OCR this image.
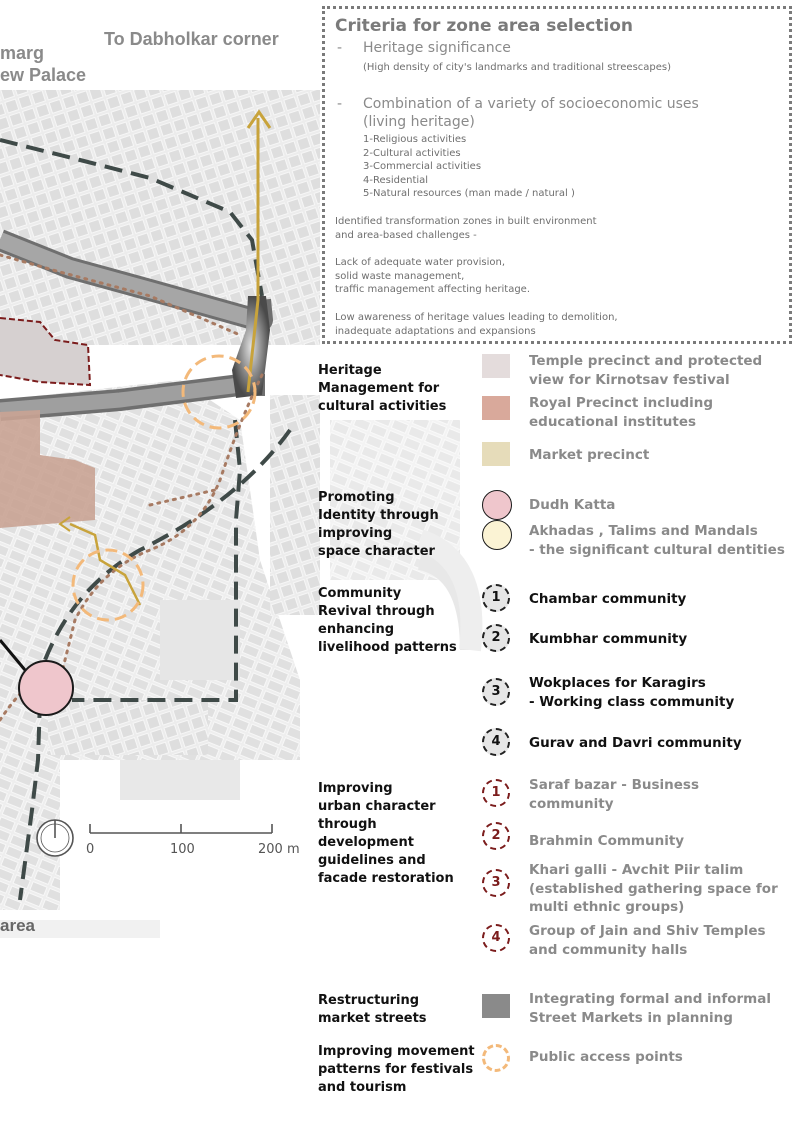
marg
ew Palace
To Dabholkar corner
area
0	100	200 m
Criteria for zone area selection
- Heritage significance
(High density of city's landmarks and traditional streescapes)
- Combination of a variety of socioeconomic uses
(living heritage)
1-Religious activities
2-Cultural activities
3-Commercial activities
4-Residential
5-Natural resources (man made / natural )
Identified transformation zones in built environment
and area-based challenges -
Lack of adequate water provision,
solid waste management,
traffic management affecting heritage.
Low awareness of heritage values leading to demolition,
inadequate adaptations and expansions
Heritage
Management for
cultural activities
Promoting
Identity through
improving
space character
Community
Revival through
enhancing
livelihood patterns
Improving
urban character
through
development
guidelines and
facade restoration
Restructuring
market streets
Improving movement
patterns for festivals
and tourism
Temple precinct and protected
view for Kirnotsav festival
Royal Precinct including
educational institutes
Market precinct
Dudh Katta
Akhadas , Talims and Mandals
- the significant cultural dentities
1	Chambar community
2	Kumbhar community
3
Wokplaces for Karagirs
- Working class community
4	Gurav and Davri community
1	Saraf bazar - Business
community
2	Brahmin Community
3
Khari galli - Avchit Piir talim
(established gathering space for
multi ethnic groups)
4	Group of Jain and Shiv Temples
and community halls
Integrating formal and informal
Street Markets in planning
Public access points
